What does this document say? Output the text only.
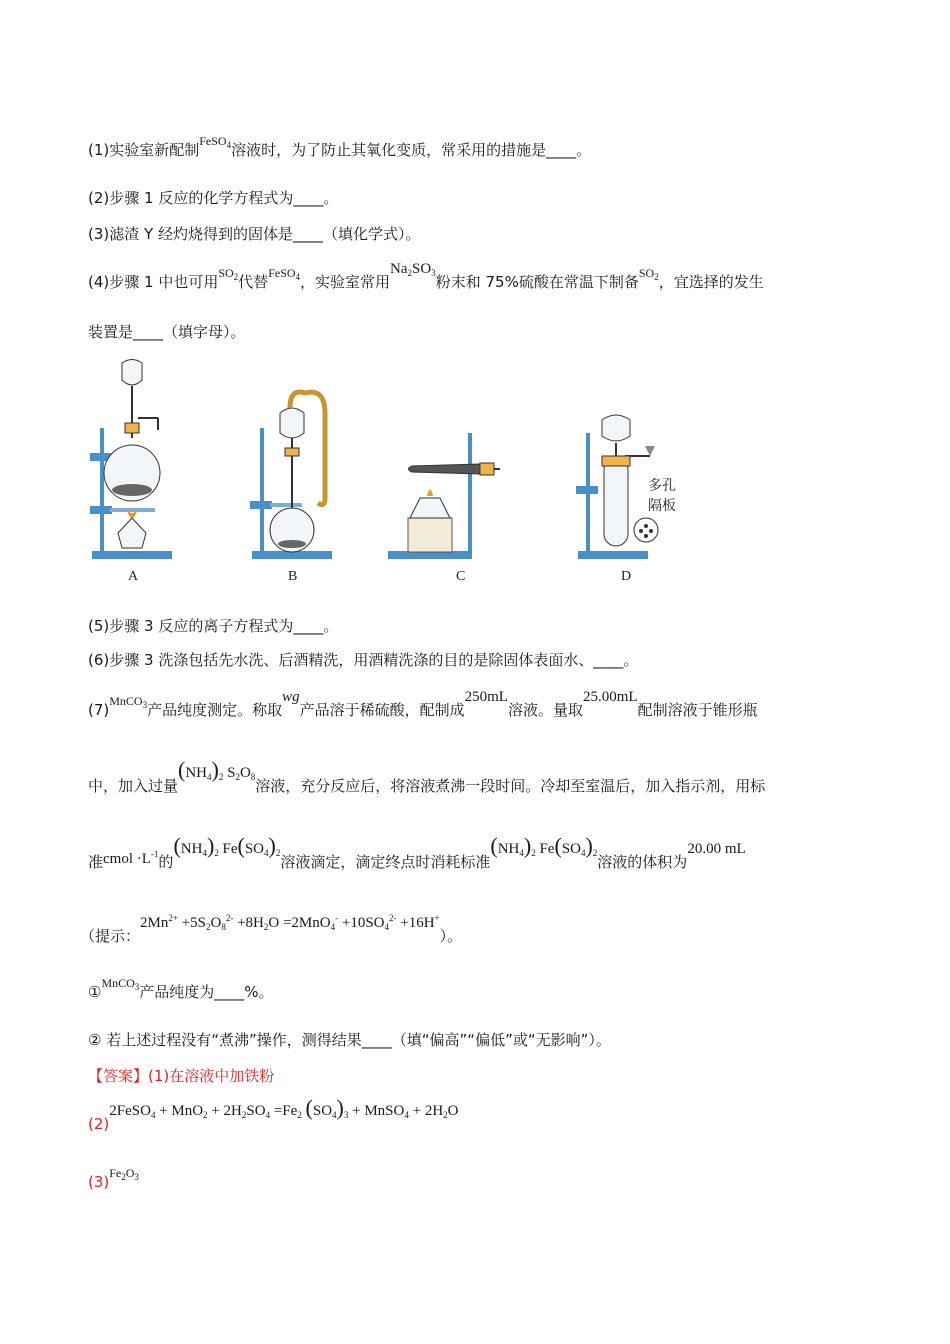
(1)实验室新配制$^{FeSO_4}$溶液时，为了防止其氧化变质，常采用的措施是____。
(2)步骤 1 反应的化学方程式为____。
(3)滤渣 Y 经灼烧得到的固体是____（填化学式）。
(4)步骤 1 中也可用$^{SO_2}$代替$^{FeSO_4}$，实验室常用$Na_2SO_3$粉末和 75%硫酸在常温下制备$^{SO_2}$，宜选择的发生
装置是____（填字母）。
A	B	C
多孔
隔板
D
(5)步骤 3 反应的离子方程式为____。
(6)步骤 3 洗涤包括先水洗、后酒精洗，用酒精洗涤的目的是除固体表面水、____。
$(7)^{MnCO_3}$产品纯度测定。称取wg产品溶于稀硫酸，配制成250mL溶液。量取25.00mL配制溶液于锥形瓶
中，加入过量$(NH_4)_2$ $S_2O_8$溶液，充分反应后，将溶液煮沸一段时间。冷却至室温后，加入指示剂，用标
准cmol $\cdot L^{-1}$的$(NH_4)_2$ $Fe(SO_4)_2$溶液滴定，滴定终点时消耗标准$(NH_4)_2$ $Fe(SO_4)_2$溶液的体积为20.00 mL
（提示：$2Mn^{2+} +5S_2O_8^{2-} +8H_2O =2MnO_4^- +10SO_4^{2-} +16H^+$）。
①$^{MnCO_3}$产品纯度为____%。
② 若上述过程没有“煮沸”操作，测得结果____（填“偏高”“偏低”或“无影响”）。
【答案】(1)在溶液中加铁粉
(2)2FeSO$_4$ + $MnO_2 + 2H_2SO_4 =Fe_2$ $(SO_4)_3$ + MnSO$_4$ + $2H_2O$
$(3)^{Fe_2O_3}$
